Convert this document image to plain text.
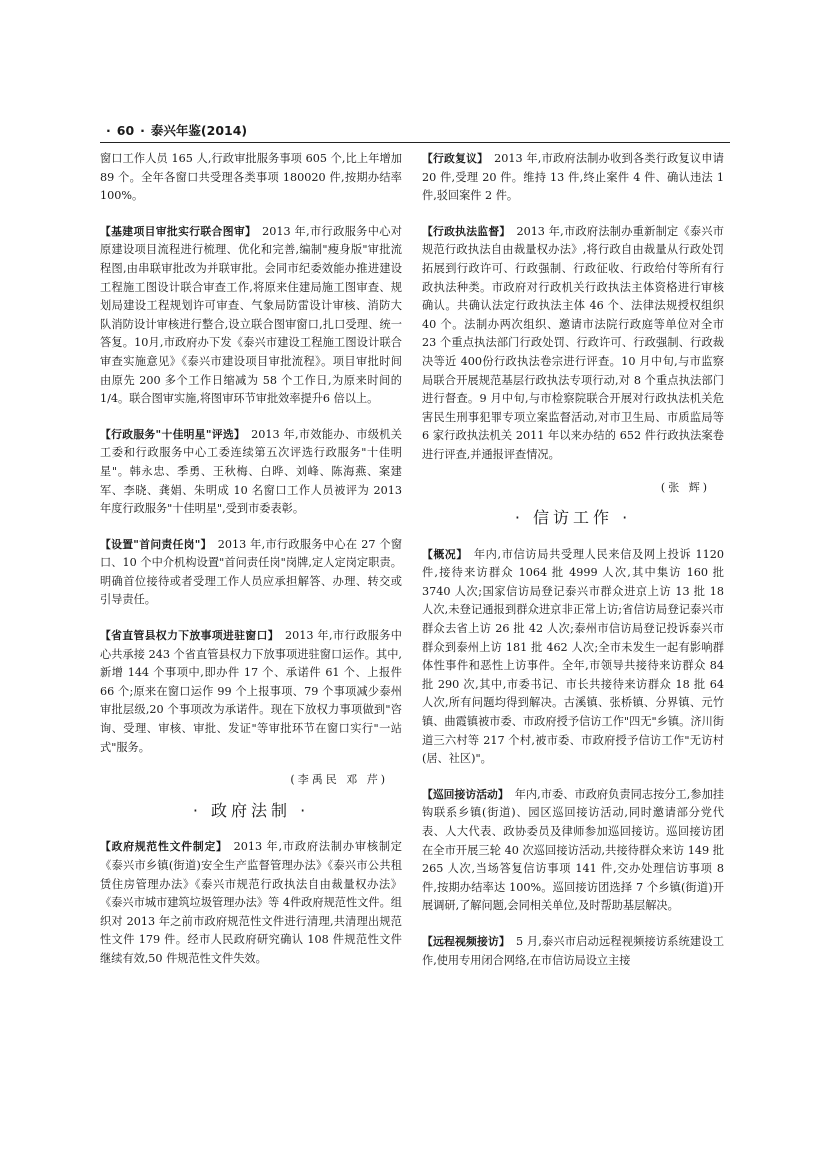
· 60 · 泰兴年鉴(2014)

窗口工作人员 165 人,行政审批服务事项 605 个,比上年增加 89 个。全年各窗口共受理各类事项 180020 件,按期办结率 100%。

【基建项目审批实行联合图审】 2013 年,市行政服务中心对原建设项目流程进行梳理、优化和完善,编制"瘦身版"审批流程图,由串联审批改为并联审批。会同市纪委效能办推进建设工程施工图设计联合审查工作,将原来住建局施工图审查、规划局建设工程规划许可审查、气象局防雷设计审核、消防大队消防设计审核进行整合,设立联合图审窗口,扎口受理、统一答复。10月,市政府办下发《泰兴市建设工程施工图设计联合审查实施意见》《泰兴市建设项目审批流程》。项目审批时间由原先 200 多个工作日缩减为 58 个工作日,为原来时间的 1/4。联合图审实施,将图审环节审批效率提升6 倍以上。

【行政服务"十佳明星"评选】 2013 年,市效能办、市级机关工委和行政服务中心工委连续第五次评选行政服务"十佳明星"。韩永忠、季勇、王秋梅、白晔、刘峰、陈海燕、案建军、李晓、龚娟、朱明成 10 名窗口工作人员被评为 2013 年度行政服务"十佳明星",受到市委表彰。

【设置"首问责任岗"】 2013 年,市行政服务中心在 27 个窗口、10 个中介机构设置"首问责任岗"岗牌,定人定岗定职责。明确首位接待或者受理工作人员应承担解答、办理、转交或引导责任。

【省直管县权力下放事项进驻窗口】 2013 年,市行政服务中心共承接 243 个省直管县权力下放事项进驻窗口运作。其中,新增 144 个事项中,即办件 17 个、承诺件 61 个、上报件 66 个;原来在窗口运作 99 个上报事项、79 个事项减少泰州审批层级,20 个事项改为承诺件。现在下放权力事项做到"咨询、受理、审核、审批、发证"等审批环节在窗口实行"一站式"服务。

(李禹民 邓 芹)

· 政府法制 ·

【政府规范性文件制定】 2013 年,市政府法制办审核制定《泰兴市乡镇(街道)安全生产监督管理办法》《泰兴市公共租赁住房管理办法》《泰兴市规范行政执法自由裁量权办法》《泰兴市城市建筑垃圾管理办法》等 4件政府规范性文件。组织对 2013 年之前市政府规范性文件进行清理,共清理出规范性文件 179 件。经市人民政府研究确认 108 件规范性文件继续有效,50 件规范性文件失效。

【行政复议】 2013 年,市政府法制办收到各类行政复议申请 20 件,受理 20 件。维持 13 件,终止案件 4 件、确认违法 1 件,驳回案件 2 件。

【行政执法监督】 2013 年,市政府法制办重新制定《泰兴市规范行政执法自由裁量权办法》,将行政自由裁量从行政处罚拓展到行政许可、行政强制、行政征收、行政给付等所有行政执法种类。市政府对行政机关行政执法主体资格进行审核确认。共确认法定行政执法主体 46 个、法律法规授权组织 40 个。法制办两次组织、邀请市法院行政庭等单位对全市 23 个重点执法部门行政处罚、行政许可、行政强制、行政裁决等近 400份行政执法卷宗进行评查。10 月中旬,与市监察局联合开展规范基层行政执法专项行动,对 8 个重点执法部门进行督查。9 月中旬,与市检察院联合开展对行政执法机关危害民生刑事犯罪专项立案监督活动,对市卫生局、市质监局等 6 家行政执法机关 2011 年以来办结的 652 件行政执法案卷进行评查,并通报评查情况。

(张 辉)

· 信访工作 ·

【概况】 年内,市信访局共受理人民来信及网上投诉 1120 件,接待来访群众 1064 批 4999 人次,其中集访 160 批 3740 人次;国家信访局登记泰兴市群众进京上访 13 批 18 人次,未登记通报到群众进京非正常上访;省信访局登记泰兴市群众去省上访 26 批 42 人次;泰州市信访局登记投诉泰兴市群众到泰州上访 181 批 462 人次;全市未发生一起有影响群体性事件和恶性上访事件。全年,市领导共接待来访群众 84 批 290 次,其中,市委书记、市长共接待来访群众 18 批 64 人次,所有问题均得到解决。古溪镇、张桥镇、分界镇、元竹镇、曲霞镇被市委、市政府授予信访工作"四无"乡镇。济川街道三六村等 217 个村,被市委、市政府授予信访工作"无访村(居、社区)"。

【巡回接访活动】 年内,市委、市政府负责同志按分工,参加挂钩联系乡镇(街道)、园区巡回接访活动,同时邀请部分党代表、人大代表、政协委员及律师参加巡回接访。巡回接访团在全市开展三轮 40 次巡回接访活动,共接待群众来访 149 批 265 人次,当场答复信访事项 141 件,交办处理信访事项 8 件,按期办结率达 100%。巡回接访团选择 7 个乡镇(街道)开展调研,了解问题,会同相关单位,及时帮助基层解决。

【远程视频接访】 5 月,泰兴市启动远程视频接访系统建设工作,使用专用闭合网络,在市信访局设立主接
